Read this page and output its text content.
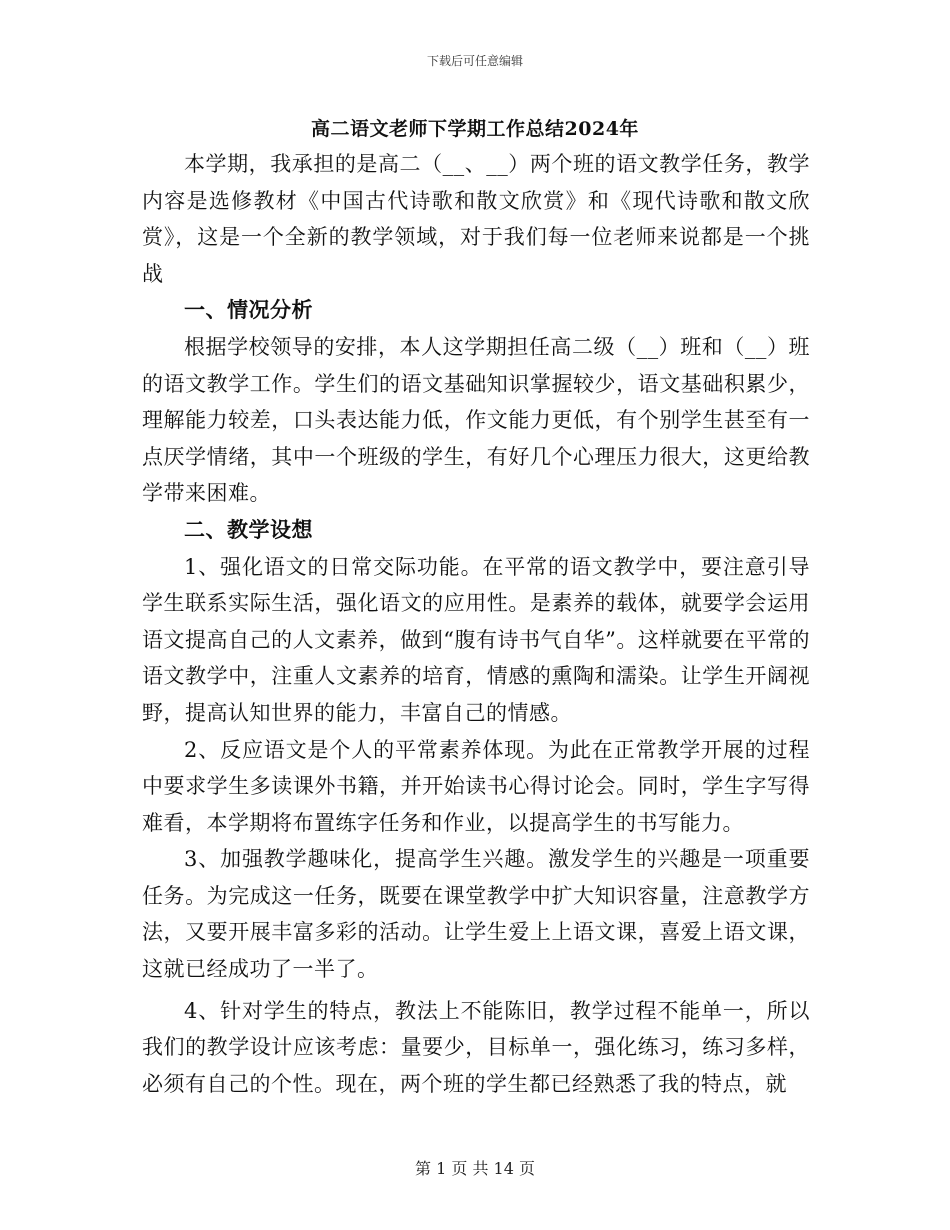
下载后可任意编辑
高二语文老师下学期工作总结2024年

本学期，我承担的是高二（__、__）两个班的语文教学任务，教学内容是选修教材《中国古代诗歌和散文欣赏》和《现代诗歌和散文欣赏》，这是一个全新的教学领域，对于我们每一位老师来说都是一个挑战

一、情况分析

根据学校领导的安排，本人这学期担任高二级（__）班和（__）班的语文教学工作。学生们的语文基础知识掌握较少，语文基础积累少，理解能力较差，口头表达能力低，作文能力更低，有个别学生甚至有一点厌学情绪，其中一个班级的学生，有好几个心理压力很大，这更给教学带来困难。

二、教学设想

1、强化语文的日常交际功能。在平常的语文教学中，要注意引导学生联系实际生活，强化语文的应用性。是素养的载体，就要学会运用语文提高自己的人文素养，做到“腹有诗书气自华”。这样就要在平常的语文教学中，注重人文素养的培育，情感的熏陶和濡染。让学生开阔视野，提高认知世界的能力，丰富自己的情感。

2、反应语文是个人的平常素养体现。为此在正常教学开展的过程中要求学生多读课外书籍，并开始读书心得讨论会。同时，学生字写得难看，本学期将布置练字任务和作业，以提高学生的书写能力。

3、加强教学趣味化，提高学生兴趣。激发学生的兴趣是一项重要任务。为完成这一任务，既要在课堂教学中扩大知识容量，注意教学方法，又要开展丰富多彩的活动。让学生爱上上语文课，喜爱上语文课，这就已经成功了一半了。

4、针对学生的特点，教法上不能陈旧，教学过程不能单一，所以我们的教学设计应该考虑：量要少，目标单一，强化练习，练习多样，必须有自己的个性。现在，两个班的学生都已经熟悉了我的特点，就

第 1 页 共 14 页
